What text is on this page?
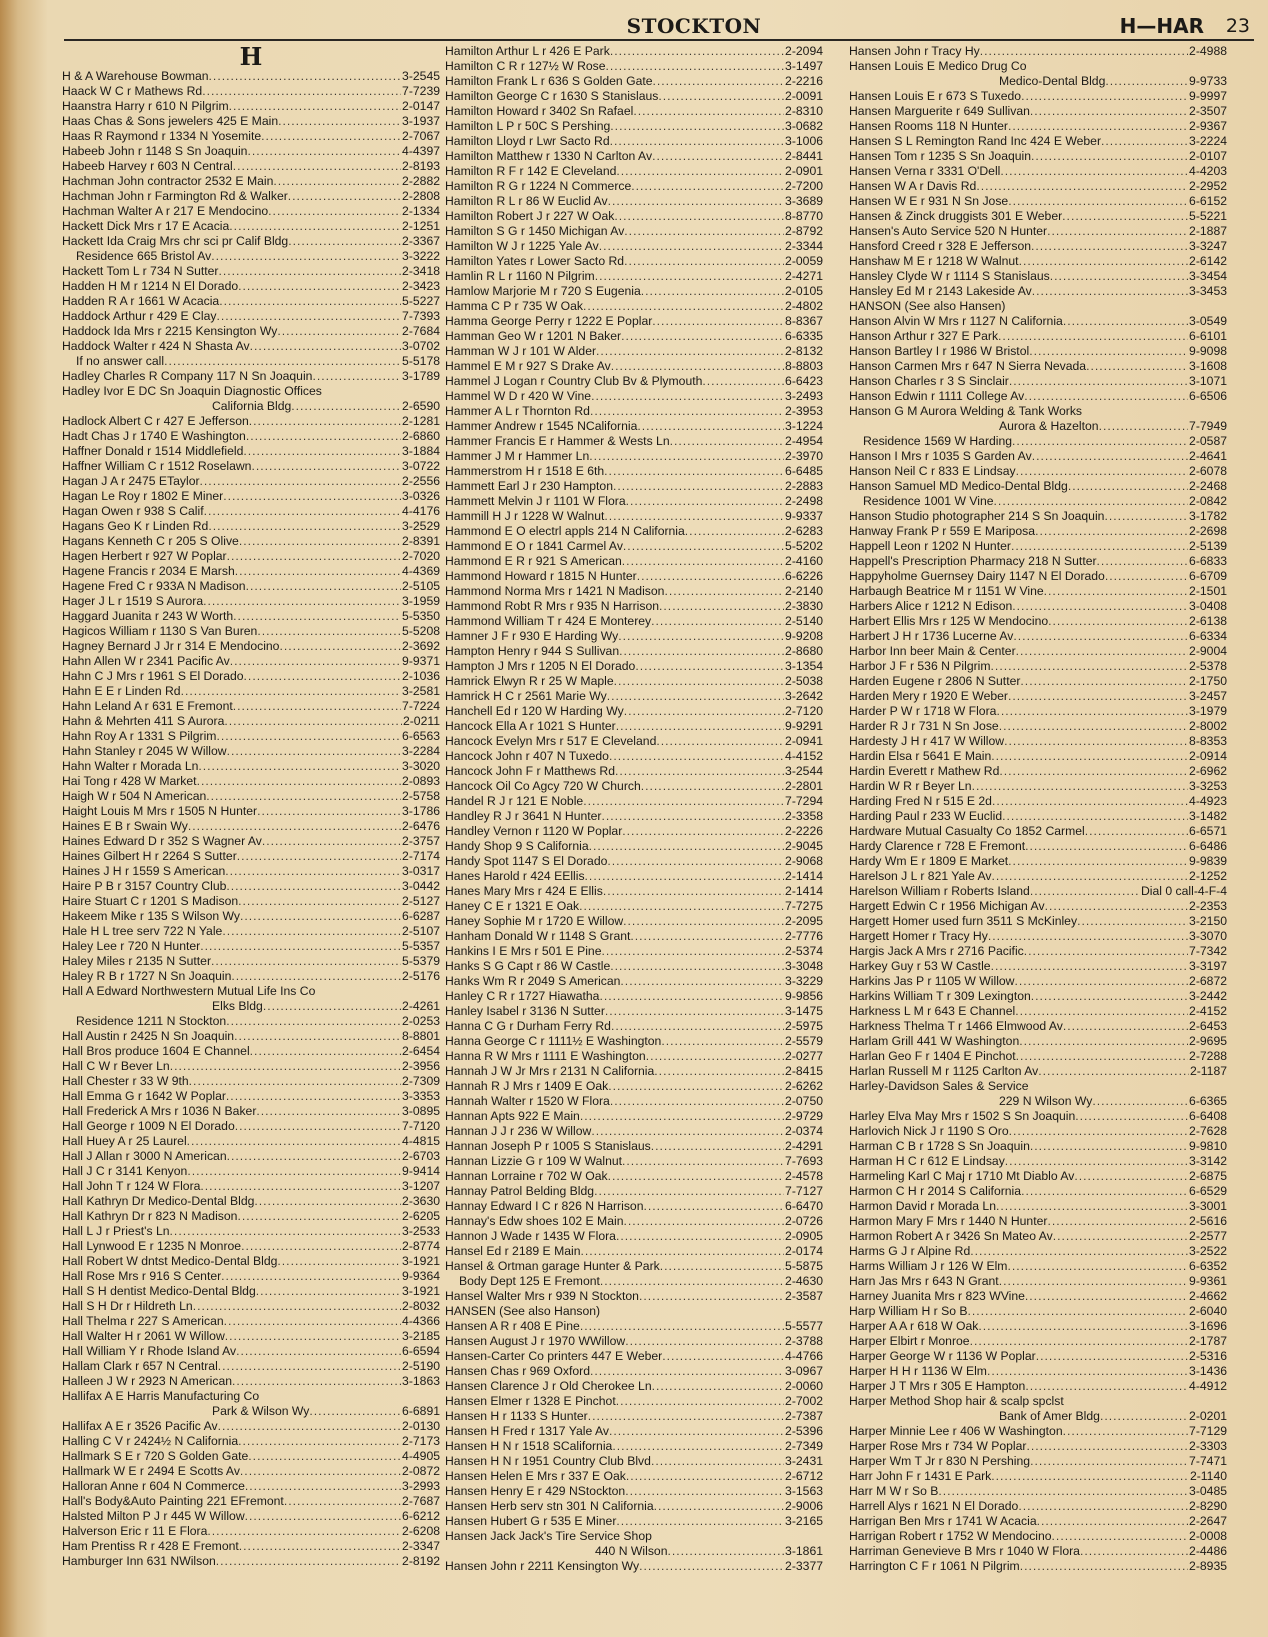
STOCKTON	H—HAR 23
H
H & A Warehouse Bowman .....	3-2545
Haack W C r Mathews Rd .....	7-7239
Haanstra Harry r 610 N Pilgrim .....	2-0147
Haas Chas & Sons jewelers 425 E Main .....	3-1937
Haas R Raymond r 1334 N Yosemite .....	2-7067
Habeeb John r 1148 S Sn Joaquin .....	4-4397
Habeeb Harvey r 603 N Central .....	2-8193
Hachman John contractor 2532 E Main .....	2-2882
Hachman John r Farmington Rd & Walker .....	2-2808
Hachman Walter A r 217 E Mendocino .....	2-1334
Hackett Dick Mrs r 17 E Acacia .....	2-1251
Hackett Ida Craig Mrs chr sci pr Calif Bldg .....	2-3367
Residence 665 Bristol Av .....	3-3222
Hackett Tom L r 734 N Sutter .....	2-3418
Hadden H M r 1214 N El Dorado .....	2-3423
Hadden R A r 1661 W Acacia .....	5-5227
Haddock Arthur r 429 E Clay .....	7-7393
Haddock Ida Mrs r 2215 Kensington Wy .....	2-7684
Haddock Walter r 424 N Shasta Av .....	3-0702
If no answer call .....	5-5178
Hadley Charles R Company 117 N Sn Joaquin .....	3-1789
Hadley Ivor E DC Sn Joaquin Diagnostic Offices
California Bldg .....	2-6590
Hadlock Albert C r 427 E Jefferson .....	2-1281
Hadt Chas J r 1740 E Washington .....	2-6860
Haffner Donald r 1514 Middlefield .....	3-1884
Haffner William C r 1512 Roselawn .....	3-0722
Hagan J A r 2475 ETaylor .....	2-2556
Hagan Le Roy r 1802 E Miner .....	3-0326
Hagan Owen r 938 S Calif .....	4-4176
Hagans Geo K r Linden Rd .....	3-2529
Hagans Kenneth C r 205 S Olive .....	2-8391
Hagen Herbert r 927 W Poplar .....	2-7020
Hagene Francis r 2034 E Marsh .....	4-4369
Hagene Fred C r 933A N Madison .....	2-5105
Hager J L r 1519 S Aurora .....	3-1959
Haggard Juanita r 243 W Worth .....	5-5350
Hagicos William r 1130 S Van Buren .....	5-5208
Hagney Bernard J Jr r 314 E Mendocino .....	2-3692
Hahn Allen W r 2341 Pacific Av .....	9-9371
Hahn C J Mrs r 1961 S El Dorado .....	2-1036
Hahn E E r Linden Rd .....	3-2581
Hahn Leland A r 631 E Fremont .....	7-7224
Hahn & Mehrten 411 S Aurora .....	2-0211
Hahn Roy A r 1331 S Pilgrim .....	6-6563
Hahn Stanley r 2045 W Willow .....	3-2284
Hahn Walter r Morada Ln .....	3-3020
Hai Tong r 428 W Market .....	2-0893
Haigh W r 504 N American .....	2-5758
Haight Louis M Mrs r 1505 N Hunter .....	3-1786
Haines E B r Swain Wy .....	2-6476
Haines Edward D r 352 S Wagner Av .....	2-3757
Haines Gilbert H r 2264 S Sutter .....	2-7174
Haines J H r 1559 S American .....	3-0317
Haire P B r 3157 Country Club .....	3-0442
Haire Stuart C r 1201 S Madison .....	2-5127
Hakeem Mike r 135 S Wilson Wy .....	6-6287
Hale H L tree serv 722 N Yale .....	2-5107
Haley Lee r 720 N Hunter .....	5-5357
Haley Miles r 2135 N Sutter .....	5-5379
Haley R B r 1727 N Sn Joaquin .....	2-5176
Hall A Edward Northwestern Mutual Life Ins Co
Elks Bldg .....	2-4261
Residence 1211 N Stockton .....	2-0253
Hall Austin r 2425 N Sn Joaquin .....	8-8801
Hall Bros produce 1604 E Channel .....	2-6454
Hall C W r Bever Ln .....	2-3956
Hall Chester r 33 W 9th .....	2-7309
Hall Emma G r 1642 W Poplar .....	3-3353
Hall Frederick A Mrs r 1036 N Baker .....	3-0895
Hall George r 1009 N El Dorado .....	7-7120
Hall Huey A r 25 Laurel .....	4-4815
Hall J Allan r 3000 N American .....	2-6703
Hall J C r 3141 Kenyon .....	9-9414
Hall John T r 124 W Flora .....	3-1207
Hall Kathryn Dr Medico-Dental Bldg .....	2-3630
Hall Kathryn Dr r 823 N Madison .....	2-6205
Hall L J r Priest's Ln .....	3-2533
Hall Lynwood E r 1235 N Monroe .....	2-8774
Hall Robert W dntst Medico-Dental Bldg .....	3-1921
Hall Rose Mrs r 916 S Center .....	9-9364
Hall S H dentist Medico-Dental Bldg .....	3-1921
Hall S H Dr r Hildreth Ln .....	2-8032
Hall Thelma r 227 S American .....	4-4366
Hall Walter H r 2061 W Willow .....	3-2185
Hall William Y r Rhode Island Av .....	6-6594
Hallam Clark r 657 N Central .....	2-5190
Halleen J W r 2923 N American .....	3-1863
Hallifax A E Harris Manufacturing Co
Park & Wilson Wy .....	6-6891
Hallifax A E r 3526 Pacific Av .....	2-0130
Halling C V r 2424½ N California .....	2-7173
Hallmark S E r 720 S Golden Gate .....	4-4905
Hallmark W E r 2494 E Scotts Av .....	2-0872
Halloran Anne r 604 N Commerce .....	3-2993
Hall's Body&Auto Painting 221 EFremont .....	2-7687
Halsted Milton P J r 445 W Willow .....	6-6212
Halverson Eric r 11 E Flora .....	2-6208
Ham Prentiss R r 428 E Fremont .....	2-3347
Hamburger Inn 631 NWilson .....	2-8192
Hamilton Arthur L r 426 E Park .....	2-2094
Hamilton C R r 127½ W Rose .....	3-1497
Hamilton Frank L r 636 S Golden Gate .....	2-2216
Hamilton George C r 1630 S Stanislaus .....	2-0091
Hamilton Howard r 3402 Sn Rafael .....	2-8310
Hamilton L P r 50C S Pershing .....	3-0682
Hamilton Lloyd r Lwr Sacto Rd .....	3-1006
Hamilton Matthew r 1330 N Carlton Av .....	2-8441
Hamilton R F r 142 E Cleveland .....	2-0901
Hamilton R G r 1224 N Commerce .....	2-7200
Hamilton R L r 86 W Euclid Av .....	3-3689
Hamilton Robert J r 227 W Oak .....	8-8770
Hamilton S G r 1450 Michigan Av .....	2-8792
Hamilton W J r 1225 Yale Av .....	2-3344
Hamilton Yates r Lower Sacto Rd .....	2-0059
Hamlin R L r 1160 N Pilgrim .....	2-4271
Hamlow Marjorie M r 720 S Eugenia .....	2-0105
Hamma C P r 735 W Oak .....	2-4802
Hamma George Perry r 1222 E Poplar .....	8-8367
Hamman Geo W r 1201 N Baker .....	6-6335
Hamman W J r 101 W Alder .....	2-8132
Hammel E M r 927 S Drake Av .....	8-8803
Hammel J Logan r Country Club Bv & Plymouth .....	6-6423
Hammel W D r 420 W Vine .....	3-2493
Hammer A L r Thornton Rd .....	2-3953
Hammer Andrew r 1545 NCalifornia .....	3-1224
Hammer Francis E r Hammer & Wests Ln .....	2-4954
Hammer J M r Hammer Ln .....	2-3970
Hammerstrom H r 1518 E 6th .....	6-6485
Hammett Earl J r 230 Hampton .....	2-2883
Hammett Melvin J r 1101 W Flora .....	2-2498
Hammill H J r 1228 W Walnut .....	9-9337
Hammond E O electrl appls 214 N California .....	2-6283
Hammond E O r 1841 Carmel Av .....	5-5202
Hammond E R r 921 S American .....	2-4160
Hammond Howard r 1815 N Hunter .....	6-6226
Hammond Norma Mrs r 1421 N Madison .....	2-2140
Hammond Robt R Mrs r 935 N Harrison .....	2-3830
Hammond William T r 424 E Monterey .....	2-5140
Hamner J F r 930 E Harding Wy .....	9-9208
Hampton Henry r 944 S Sullivan .....	2-8680
Hampton J Mrs r 1205 N El Dorado .....	3-1354
Hamrick Elwyn R r 25 W Maple .....	2-5038
Hamrick H C r 2561 Marie Wy .....	3-2642
Hanchell Ed r 120 W Harding Wy .....	2-7120
Hancock Ella A r 1021 S Hunter .....	9-9291
Hancock Evelyn Mrs r 517 E Cleveland .....	2-0941
Hancock John r 407 N Tuxedo .....	4-4152
Hancock John F r Matthews Rd .....	3-2544
Hancock Oil Co Agcy 720 W Church .....	2-2801
Handel R J r 121 E Noble .....	7-7294
Handley R J r 3641 N Hunter .....	2-3358
Handley Vernon r 1120 W Poplar .....	2-2226
Handy Shop 9 S California .....	2-9045
Handy Spot 1147 S El Dorado .....	2-9068
Hanes Harold r 424 EEllis .....	2-1414
Hanes Mary Mrs r 424 E Ellis .....	2-1414
Haney C E r 1321 E Oak .....	7-7275
Haney Sophie M r 1720 E Willow .....	2-2095
Hanham Donald W r 1148 S Grant .....	2-7776
Hankins I E Mrs r 501 E Pine .....	2-5374
Hanks S G Capt r 86 W Castle .....	3-3048
Hanks Wm R r 2049 S American .....	3-3229
Hanley C R r 1727 Hiawatha .....	9-9856
Hanley Isabel r 3136 N Sutter .....	3-1475
Hanna C G r Durham Ferry Rd .....	2-5975
Hanna George C r 1111½ E Washington .....	2-5579
Hanna R W Mrs r 1111 E Washington .....	2-0277
Hannah J W Jr Mrs r 2131 N California .....	2-8415
Hannah R J Mrs r 1409 E Oak .....	2-6262
Hannah Walter r 1520 W Flora .....	2-0750
Hannan Apts 922 E Main .....	2-9729
Hannan J J r 236 W Willow .....	2-0374
Hannan Joseph P r 1005 S Stanislaus .....	2-4291
Hannan Lizzie G r 109 W Walnut .....	7-7693
Hannan Lorraine r 702 W Oak .....	2-4578
Hannay Patrol Belding Bldg .....	7-7127
Hannay Edward I C r 826 N Harrison .....	6-6470
Hannay's Edw shoes 102 E Main .....	2-0726
Hannon J Wade r 1435 W Flora .....	2-0905
Hansel Ed r 2189 E Main .....	2-0174
Hansel & Ortman garage Hunter & Park .....	5-5875
Body Dept 125 E Fremont .....	2-4630
Hansel Walter Mrs r 939 N Stockton .....	2-3587
HANSEN (See also Hanson)
Hansen A R r 408 E Pine .....	5-5577
Hansen August J r 1970 WWillow .....	2-3788
Hansen-Carter Co printers 447 E Weber .....	4-4766
Hansen Chas r 969 Oxford .....	3-0967
Hansen Clarence J r Old Cherokee Ln .....	2-0060
Hansen Elmer r 1328 E Pinchot .....	2-7002
Hansen H r 1133 S Hunter .....	2-7387
Hansen H Fred r 1317 Yale Av .....	2-5396
Hansen H N r 1518 SCalifornia .....	2-7349
Hansen H N r 1951 Country Club Blvd .....	3-2431
Hansen Helen E Mrs r 337 E Oak .....	2-6712
Hansen Henry E r 429 NStockton .....	3-1563
Hansen Herb serv stn 301 N California .....	2-9006
Hansen Hubert G r 535 E Miner .....	3-2165
Hansen Jack Jack's Tire Service Shop
440 N Wilson .....	3-1861
Hansen John r 2211 Kensington Wy .....	2-3377
Hansen John r Tracy Hy .....	2-4988
Hansen Louis E Medico Drug Co
Medico-Dental Bldg .....	9-9733
Hansen Louis E r 673 S Tuxedo .....	9-9997
Hansen Marguerite r 649 Sullivan .....	2-3507
Hansen Rooms 118 N Hunter .....	2-9367
Hansen S L Remington Rand Inc 424 E Weber .....	3-2224
Hansen Tom r 1235 S Sn Joaquin .....	2-0107
Hansen Verna r 3331 O'Dell .....	4-4203
Hansen W A r Davis Rd .....	2-2952
Hansen W E r 931 N Sn Jose .....	6-6152
Hansen & Zinck druggists 301 E Weber .....	5-5221
Hansen's Auto Service 520 N Hunter .....	2-1887
Hansford Creed r 328 E Jefferson .....	3-3247
Hanshaw M E r 1218 W Walnut .....	2-6142
Hansley Clyde W r 1114 S Stanislaus .....	3-3454
Hansley Ed M r 2143 Lakeside Av .....	3-3453
HANSON (See also Hansen)
Hanson Alvin W Mrs r 1127 N California .....	3-0549
Hanson Arthur r 327 E Park .....	6-6101
Hanson Bartley I r 1986 W Bristol .....	9-9098
Hanson Carmen Mrs r 647 N Sierra Nevada .....	3-1608
Hanson Charles r 3 S Sinclair .....	3-1071
Hanson Edwin r 1111 College Av .....	6-6506
Hanson G M Aurora Welding & Tank Works
Aurora & Hazelton .....	7-7949
Residence 1569 W Harding .....	2-0587
Hanson I Mrs r 1035 S Garden Av .....	2-4641
Hanson Neil C r 833 E Lindsay .....	2-6078
Hanson Samuel MD Medico-Dental Bldg .....	2-2468
Residence 1001 W Vine .....	2-0842
Hanson Studio photographer 214 S Sn Joaquin .....	3-1782
Hanway Frank P r 559 E Mariposa .....	2-2698
Happell Leon r 1202 N Hunter .....	2-5139
Happell's Prescription Pharmacy 218 N Sutter .....	6-6833
Happyholme Guernsey Dairy 1147 N El Dorado .....	6-6709
Harbaugh Beatrice M r 1151 W Vine .....	2-1501
Harbers Alice r 1212 N Edison .....	3-0408
Harbert Ellis Mrs r 125 W Mendocino .....	2-6138
Harbert J H r 1736 Lucerne Av .....	6-6334
Harbor Inn beer Main & Center .....	2-9004
Harbor J F r 536 N Pilgrim .....	2-5378
Harden Eugene r 2806 N Sutter .....	2-1750
Harden Mery r 1920 E Weber .....	3-2457
Harder P W r 1718 W Flora .....	3-1979
Harder R J r 731 N Sn Jose .....	2-8002
Hardesty J H r 417 W Willow .....	8-8353
Hardin Elsa r 5641 E Main .....	2-0914
Hardin Everett r Mathew Rd .....	2-6962
Hardin W R r Beyer Ln .....	3-3253
Harding Fred N r 515 E 2d .....	4-4923
Harding Paul r 233 W Euclid .....	3-1482
Hardware Mutual Casualty Co 1852 Carmel .....	6-6571
Hardy Clarence r 728 E Fremont .....	6-6486
Hardy Wm E r 1809 E Market .....	9-9839
Harelson J L r 821 Yale Av .....	2-1252
Harelson William r Roberts Island .....	Dial 0 call-4-F-4
Hargett Edwin C r 1956 Michigan Av .....	2-2353
Hargett Homer used furn 3511 S McKinley .....	3-2150
Hargett Homer r Tracy Hy .....	3-3070
Hargis Jack A Mrs r 2716 Pacific .....	7-7342
Harkey Guy r 53 W Castle .....	3-3197
Harkins Jas P r 1105 W Willow .....	2-6872
Harkins William T r 309 Lexington .....	3-2442
Harkness L M r 643 E Channel .....	2-4152
Harkness Thelma T r 1466 Elmwood Av .....	2-6453
Harlam Grill 441 W Washington .....	2-9695
Harlan Geo F r 1404 E Pinchot .....	2-7288
Harlan Russell M r 1125 Carlton Av .....	2-1187
Harley-Davidson Sales & Service
229 N Wilson Wy .....	6-6365
Harley Elva May Mrs r 1502 S Sn Joaquin .....	6-6408
Harlovich Nick J r 1190 S Oro .....	2-7628
Harman C B r 1728 S Sn Joaquin .....	9-9810
Harman H C r 612 E Lindsay .....	3-3142
Harmeling Karl C Maj r 1710 Mt Diablo Av .....	2-6875
Harmon C H r 2014 S California .....	6-6529
Harmon David r Morada Ln .....	3-3001
Harmon Mary F Mrs r 1440 N Hunter .....	2-5616
Harmon Robert A r 3426 Sn Mateo Av .....	2-2577
Harms G J r Alpine Rd .....	3-2522
Harms William J r 126 W Elm .....	6-6352
Harn Jas Mrs r 643 N Grant .....	9-9361
Harney Juanita Mrs r 823 WVine .....	2-4662
Harp William H r So B .....	2-6040
Harper A A r 618 W Oak .....	3-1696
Harper Elbirt r Monroe .....	2-1787
Harper George W r 1136 W Poplar .....	2-5316
Harper H H r 1136 W Elm .....	3-1436
Harper J T Mrs r 305 E Hampton .....	4-4912
Harper Method Shop hair & scalp spclst
Bank of Amer Bldg .....	2-0201
Harper Minnie Lee r 406 W Washington .....	7-7129
Harper Rose Mrs r 734 W Poplar .....	2-3303
Harper Wm T Jr r 830 N Pershing .....	7-7471
Harr John F r 1431 E Park .....	2-1140
Harr M W r So B .....	3-0485
Harrell Alys r 1621 N El Dorado .....	2-8290
Harrigan Ben Mrs r 1741 W Acacia .....	2-2647
Harrigan Robert r 1752 W Mendocino .....	2-0008
Harriman Genevieve B Mrs r 1040 W Flora .....	2-4486
Harrington C F r 1061 N Pilgrim .....	2-8935
